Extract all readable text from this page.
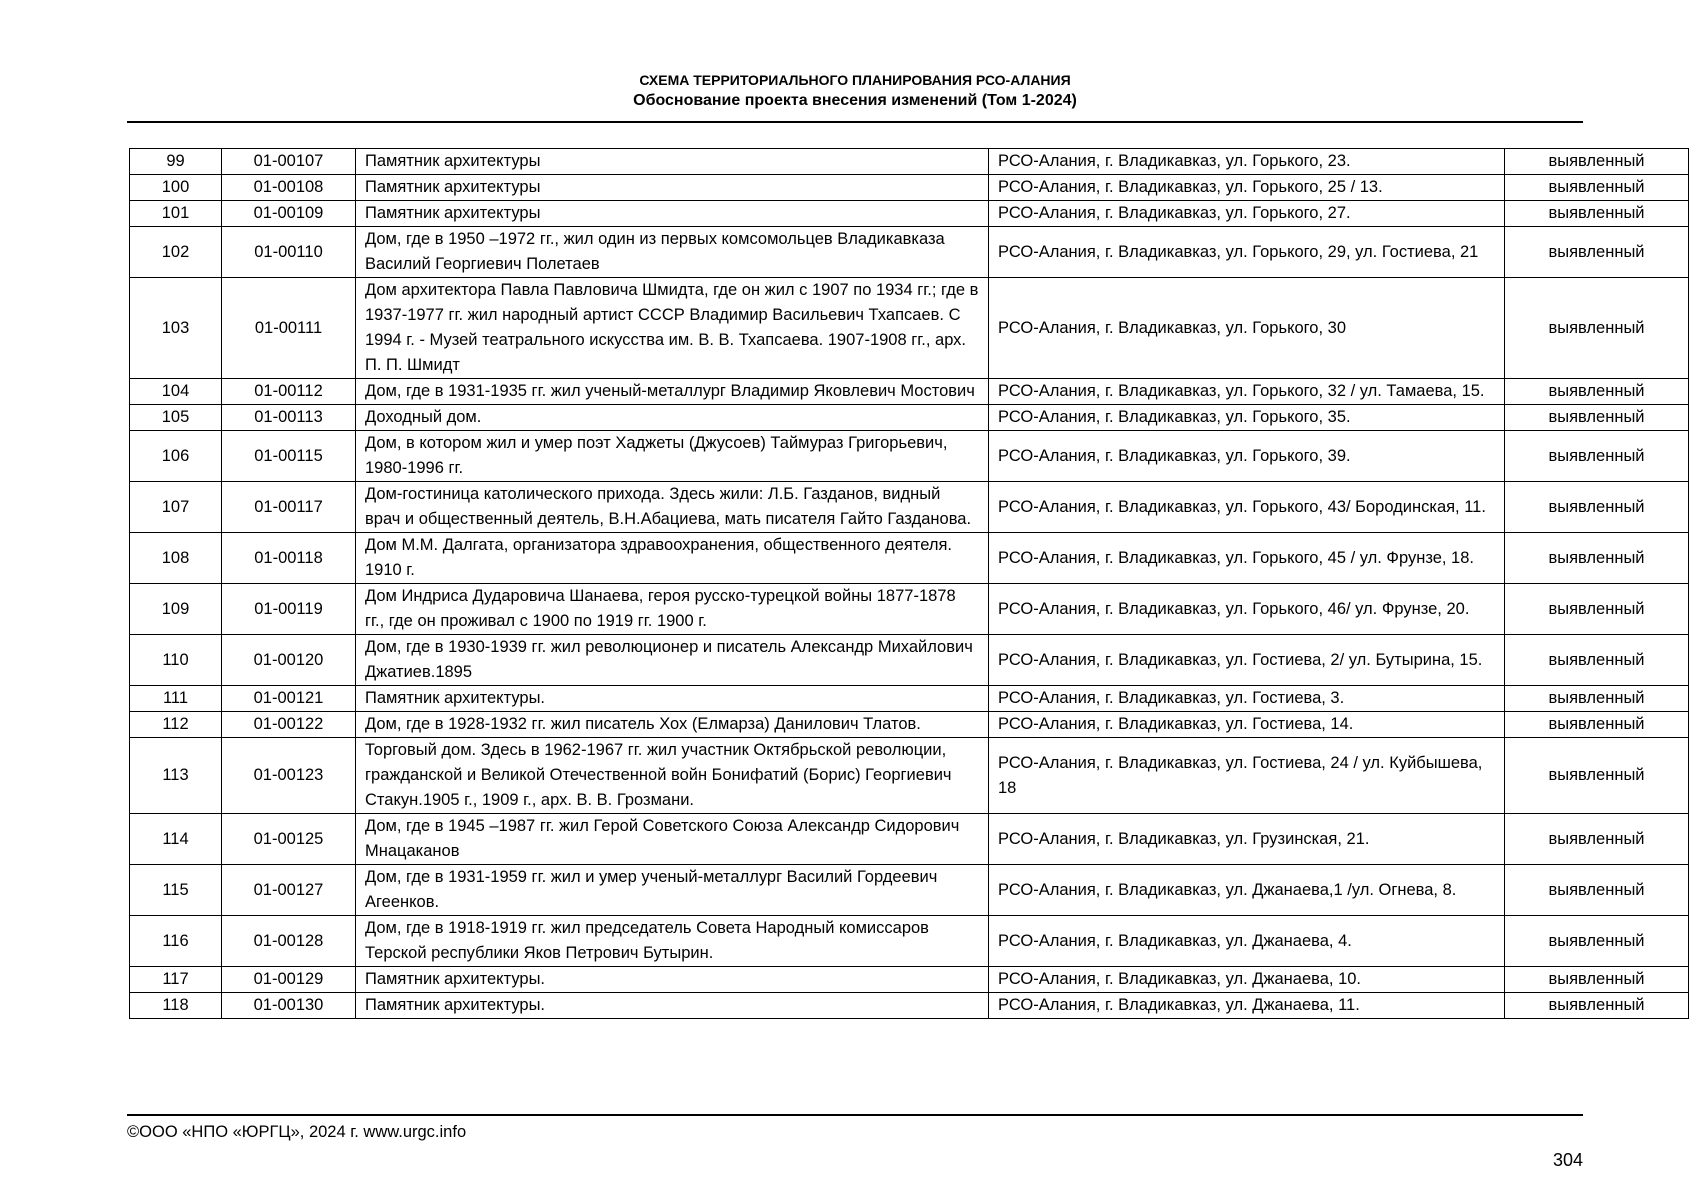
СХЕМА ТЕРРИТОРИАЛЬНОГО ПЛАНИРОВАНИЯ РСО-АЛАНИЯ
Обоснование проекта внесения изменений (Том 1-2024)
99	01-00107	Памятник архитектуры	РСО-Алания, г. Владикавказ, ул. Горького, 23.	выявленный
100	01-00108	Памятник архитектуры	РСО-Алания, г. Владикавказ, ул. Горького, 25 / 13.	выявленный
101	01-00109	Памятник архитектуры	РСО-Алания, г. Владикавказ, ул. Горького, 27.	выявленный
102	01-00110	Дом, где в 1950 –1972 гг., жил один из первых комсомольцев Владикавказа Василий Георгиевич Полетаев	РСО-Алания, г. Владикавказ, ул. Горького, 29, ул. Гостиева, 21	выявленный
103	01-00111	Дом архитектора Павла Павловича Шмидта, где он жил с 1907 по 1934 гг.; где в 1937-1977 гг. жил народный артист СССР Владимир Васильевич Тхапсаев. С 1994 г. - Музей театрального искусства им. В. В. Тхапсаева. 1907-1908 гг., арх. П. П. Шмидт	РСО-Алания, г. Владикавказ, ул. Горького, 30	выявленный
104	01-00112	Дом, где в 1931-1935 гг. жил ученый-металлург Владимир Яковлевич Мостович	РСО-Алания, г. Владикавказ, ул. Горького, 32 / ул. Тамаева, 15.	выявленный
105	01-00113	Доходный дом.	РСО-Алания, г. Владикавказ, ул. Горького, 35.	выявленный
106	01-00115	Дом, в котором жил и умер поэт Хаджеты (Джусоев) Таймураз Григорьевич, 1980-1996 гг.	РСО-Алания, г. Владикавказ, ул. Горького, 39.	выявленный
107	01-00117	Дом-гостиница католического прихода. Здесь жили: Л.Б. Газданов, видный врач и общественный деятель, В.Н.Абациева, мать писателя Гайто Газданова.	РСО-Алания, г. Владикавказ, ул. Горького, 43/ Бородинская, 11.	выявленный
108	01-00118	Дом М.М. Далгата, организатора здравоохранения, общественного деятеля. 1910 г.	РСО-Алания, г. Владикавказ, ул. Горького, 45 / ул. Фрунзе, 18.	выявленный
109	01-00119	Дом Индриса Дударовича Шанаева, героя русско-турецкой войны 1877-1878 гг., где он проживал с 1900 по 1919 гг. 1900 г.	РСО-Алания, г. Владикавказ, ул. Горького, 46/ ул. Фрунзе, 20.	выявленный
110	01-00120	Дом, где в 1930-1939 гг. жил революционер и писатель Александр Михайлович Джатиев.1895	РСО-Алания, г. Владикавказ, ул. Гостиева, 2/ ул. Бутырина, 15.	выявленный
111	01-00121	Памятник архитектуры.	РСО-Алания, г. Владикавказ, ул. Гостиева, 3.	выявленный
112	01-00122	Дом, где в 1928-1932 гг. жил писатель Хох (Елмарза) Данилович Тлатов.	РСО-Алания, г. Владикавказ, ул. Гостиева, 14.	выявленный
113	01-00123	Торговый дом. Здесь в 1962-1967 гг. жил участник Октябрьской революции, гражданской и Великой Отечественной войн Бонифатий (Борис) Георгиевич Стакун.1905 г., 1909 г., арх. В. В. Грозмани.	РСО-Алания, г. Владикавказ, ул. Гостиева, 24 / ул. Куйбышева, 18	выявленный
114	01-00125	Дом, где в 1945 –1987 гг. жил Герой Советского Союза Александр Сидорович Мнацаканов	РСО-Алания, г. Владикавказ, ул. Грузинская, 21.	выявленный
115	01-00127	Дом, где в 1931-1959 гг. жил и умер ученый-металлург Василий Гордеевич Агеенков.	РСО-Алания, г. Владикавказ, ул. Джанаева,1 /ул. Огнева, 8.	выявленный
116	01-00128	Дом, где в 1918-1919 гг. жил председатель Совета Народный комиссаров Терской республики Яков Петрович Бутырин.	РСО-Алания, г. Владикавказ, ул. Джанаева, 4.	выявленный
117	01-00129	Памятник архитектуры.	РСО-Алания, г. Владикавказ, ул. Джанаева, 10.	выявленный
118	01-00130	Памятник архитектуры.	РСО-Алания, г. Владикавказ, ул. Джанаева, 11.	выявленный
©ООО «НПО «ЮРГЦ», 2024 г. www.urgc.info
304
